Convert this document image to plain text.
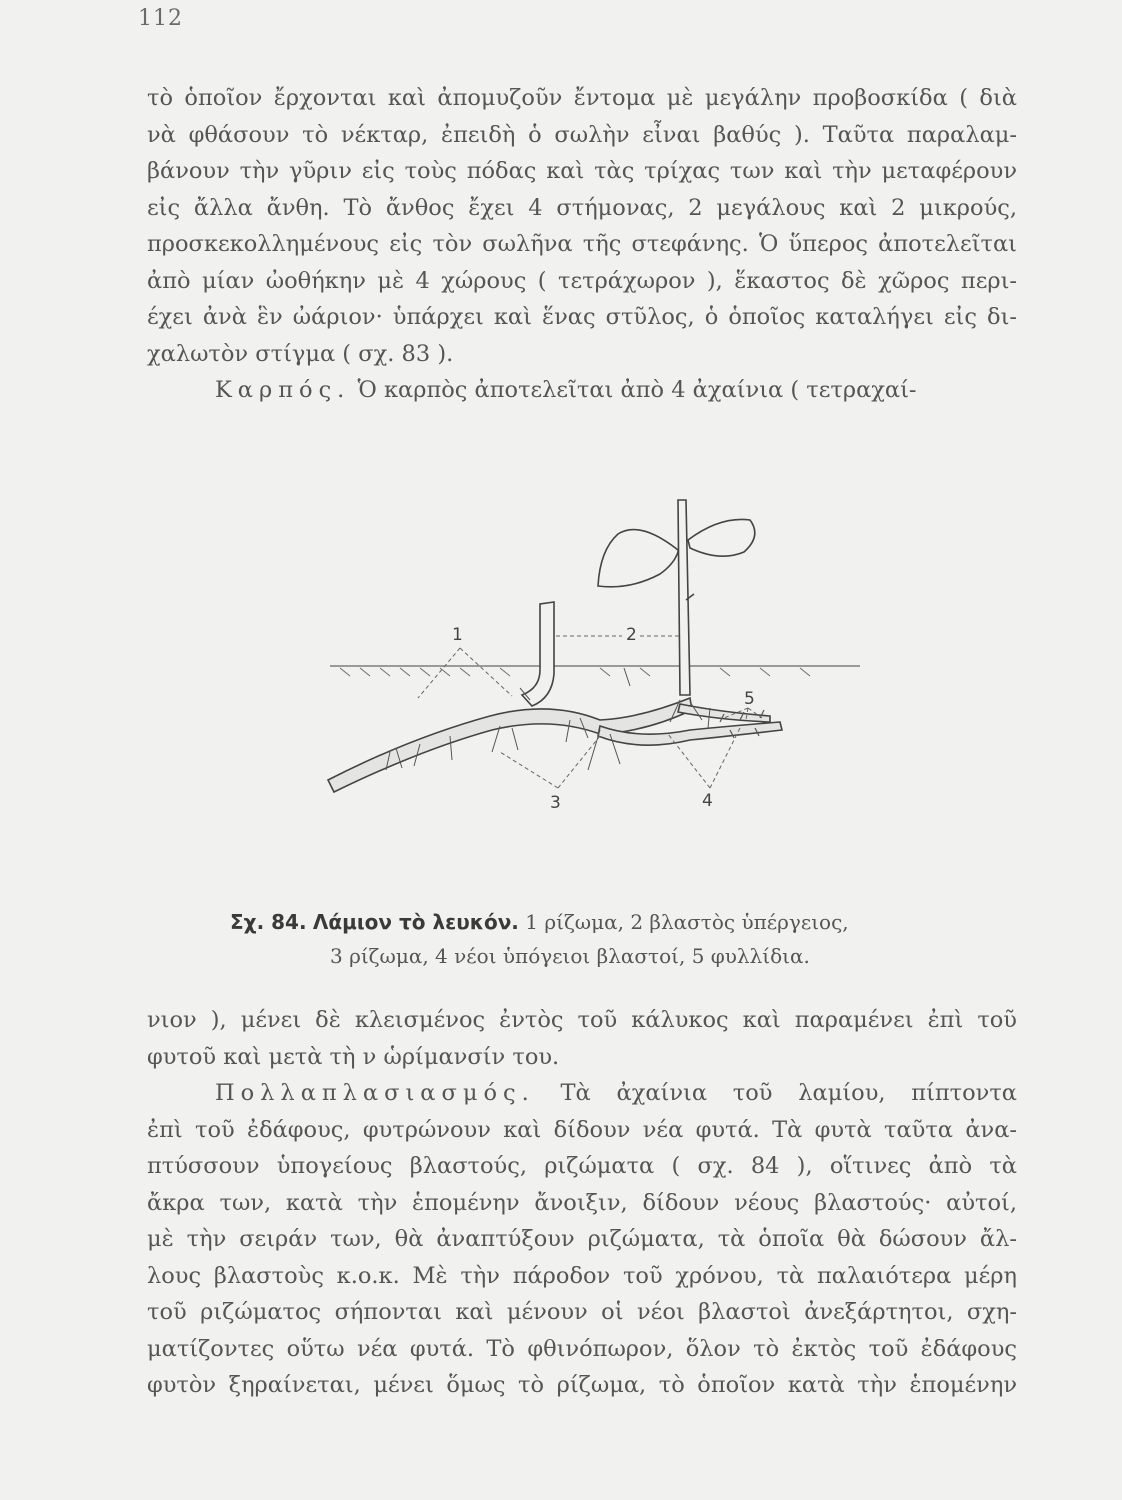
112
τὸ ὁποῖον ἔρχονται καὶ ἀπομυζοῦν ἔντομα μὲ μεγάλην προβοσκίδα ( διὰ
νὰ φθάσουν τὸ νέκταρ, ἐπειδὴ ὁ σωλὴν εἶναι βαθύς ). Ταῦτα παραλαμ-
βάνουν τὴν γῦριν εἰς τοὺς πόδας καὶ τὰς τρίχας των καὶ τὴν μεταφέρουν
εἰς ἄλλα ἄνθη. Τὸ ἄνθος ἔχει 4 στήμονας, 2 μεγάλους καὶ 2 μικρούς,
προσκεκολλημένους εἰς τὸν σωλῆνα τῆς στεφάνης. Ὁ ὕπερος ἀποτελεῖται
ἀπὸ μίαν ὠοθήκην μὲ 4 χώρους ( τετράχωρον ), ἕκαστος δὲ χῶρος περι-
έχει ἀνὰ ἓν ὠάριον· ὑπάρχει καὶ ἕνας στῦλος, ὁ ὁποῖος καταλήγει εἰς δι-
χαλωτὸν στίγμα ( σχ. 83 ).
Καρπός. Ὁ καρπὸς ἀποτελεῖται ἀπὸ 4 ἀχαίνια ( τετραχαί-
1	2
3	4
5
Σχ. 84. Λάμιον τὸ λευκόν. 1 ρίζωμα, 2 βλαστὸς ὑπέργειος,
3 ρίζωμα, 4 νέοι ὑπόγειοι βλαστοί, 5 φυλλίδια.
νιον ), μένει δὲ κλεισμένος ἐντὸς τοῦ κάλυκος καὶ παραμένει ἐπὶ τοῦ
φυτοῦ καὶ μετὰ τὴ ν ὡρίμανσίν του.
Πολλαπλασιασμός. Τὰ ἀχαίνια τοῦ λαμίου, πίπτοντα
ἐπὶ τοῦ ἐδάφους, φυτρώνουν καὶ δίδουν νέα φυτά. Τὰ φυτὰ ταῦτα ἀνα-
πτύσσουν ὑπογείους βλαστούς, ριζώματα ( σχ. 84 ), οἵτινες ἀπὸ τὰ
ἄκρα των, κατὰ τὴν ἑπομένην ἄνοιξιν, δίδουν νέους βλαστούς· αὐτοί,
μὲ τὴν σειράν των, θὰ ἀναπτύξουν ριζώματα, τὰ ὁποῖα θὰ δώσουν ἄλ-
λους βλαστοὺς κ.ο.κ. Μὲ τὴν πάροδον τοῦ χρόνου, τὰ παλαιότερα μέρη
τοῦ ριζώματος σήπονται καὶ μένουν οἱ νέοι βλαστοὶ ἀνεξάρτητοι, σχη-
ματίζοντες οὕτω νέα φυτά. Τὸ φθινόπωρον, ὅλον τὸ ἐκτὸς τοῦ ἐδάφους
φυτὸν ξηραίνεται, μένει ὅμως τὸ ρίζωμα, τὸ ὁποῖον κατὰ τὴν ἑπομένην
